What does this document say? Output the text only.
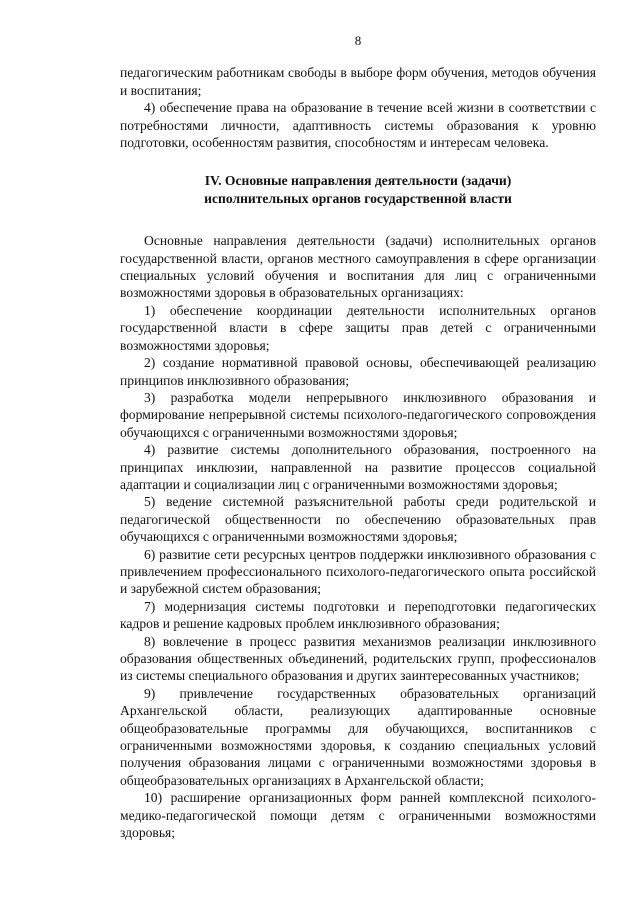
8

педагогическим работникам свободы в выборе форм обучения, методов обучения и воспитания;

4) обеспечение права на образование в течение всей жизни в соответствии с потребностями личности, адаптивность системы образования к уровню подготовки, особенностям развития, способностям и интересам человека.

IV. Основные направления деятельности (задачи)
исполнительных органов государственной власти

Основные направления деятельности (задачи) исполнительных органов государственной власти, органов местного самоуправления в сфере организации специальных условий обучения и воспитания для лиц с ограниченными возможностями здоровья в образовательных организациях:

1) обеспечение координации деятельности исполнительных органов государственной власти в сфере защиты прав детей с ограниченными возможностями здоровья;

2) создание нормативной правовой основы, обеспечивающей реализацию принципов инклюзивного образования;

3) разработка модели непрерывного инклюзивного образования и формирование непрерывной системы психолого-педагогического сопровождения обучающихся с ограниченными возможностями здоровья;

4) развитие системы дополнительного образования, построенного на принципах инклюзии, направленной на развитие процессов социальной адаптации и социализации лиц с ограниченными возможностями здоровья;

5) ведение системной разъяснительной работы среди родительской и педагогической общественности по обеспечению образовательных прав обучающихся с ограниченными возможностями здоровья;

6) развитие сети ресурсных центров поддержки инклюзивного образования с привлечением профессионального психолого-педагогического опыта российской и зарубежной систем образования;

7) модернизация системы подготовки и переподготовки педагогических кадров и решение кадровых проблем инклюзивного образования;

8) вовлечение в процесс развития механизмов реализации инклюзивного образования общественных объединений, родительских групп, профессионалов из системы специального образования и других заинтересованных участников;

9) привлечение государственных образовательных организаций Архангельской области, реализующих адаптированные основные общеобразовательные программы для обучающихся, воспитанников с ограниченными возможностями здоровья, к созданию специальных условий получения образования лицами с ограниченными возможностями здоровья в общеобразовательных организациях в Архангельской области;

10) расширение организационных форм ранней комплексной психолого-медико-педагогической помощи детям с ограниченными возможностями здоровья;
